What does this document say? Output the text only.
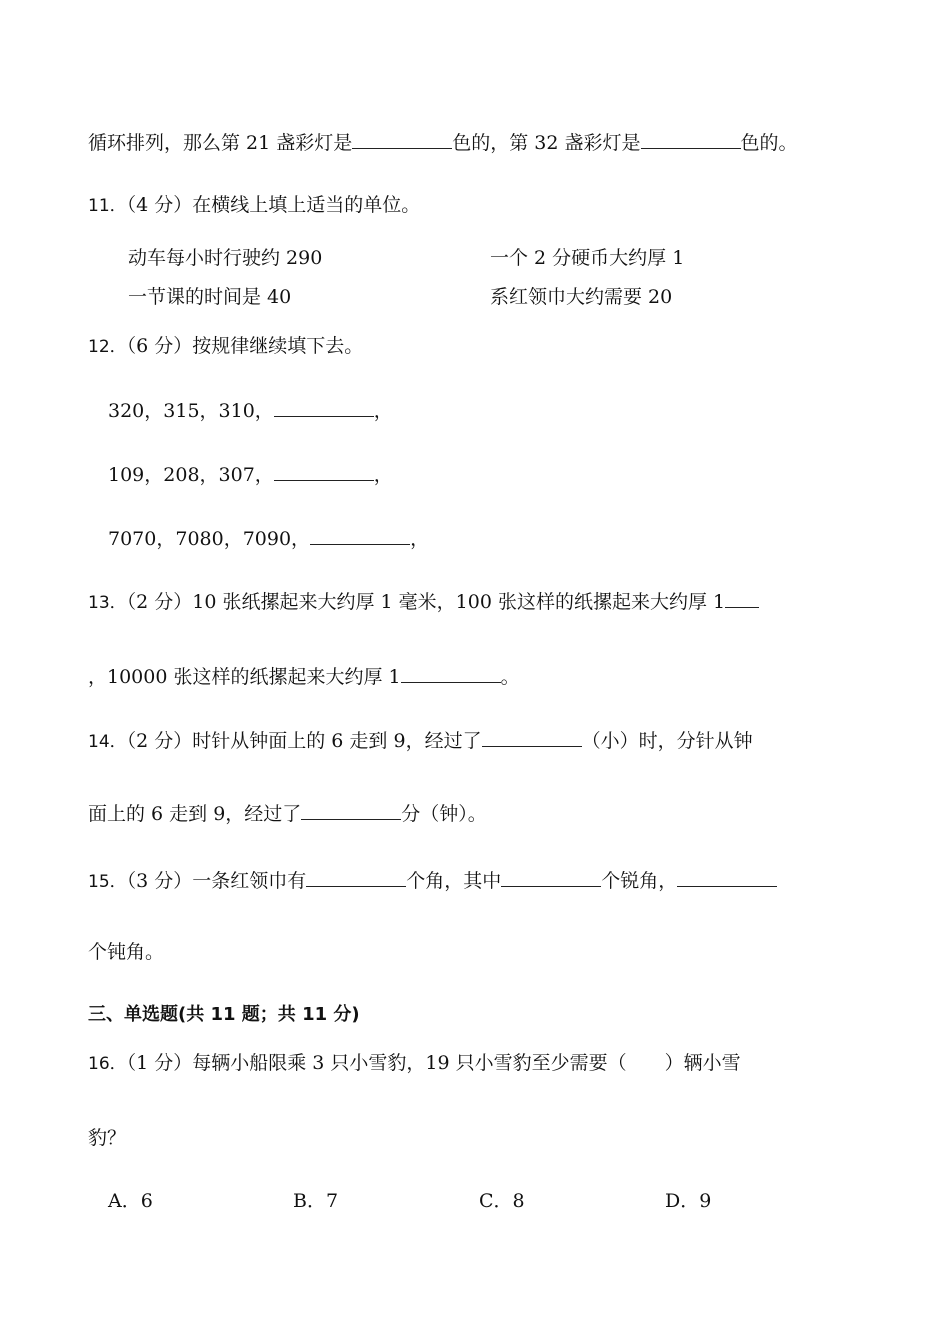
循环排列，那么第 21 盏彩灯是	色的，第 32 盏彩灯是	色的。
11．（4 分）在横线上填上适当的单位。
动车每小时行驶约 290	一个 2 分硬币大约厚 1
一节课的时间是 40	系红领巾大约需要 20
12．（6 分）按规律继续填下去。
320，315，310，	，
109，208，307，	，
7070，7080，7090，	，
13．（2 分）10 张纸摞起来大约厚 1 毫米，100 张这样的纸摞起来大约厚 1
，10000 张这样的纸摞起来大约厚 1	。
14．（2 分）时针从钟面上的 6 走到 9，经过了	（小）时，分针从钟
面上的 6 走到 9，经过了	分（钟）。
15．（3 分）一条红领巾有	个角，其中	个锐角，
个钝角。
三、单选题(共 11 题；共 11 分)
16．（1 分）每辆小船限乘 3 只小雪豹，19 只小雪豹至少需要（　　）辆小雪
豹？
A．6	B．7	C．8	D．9
